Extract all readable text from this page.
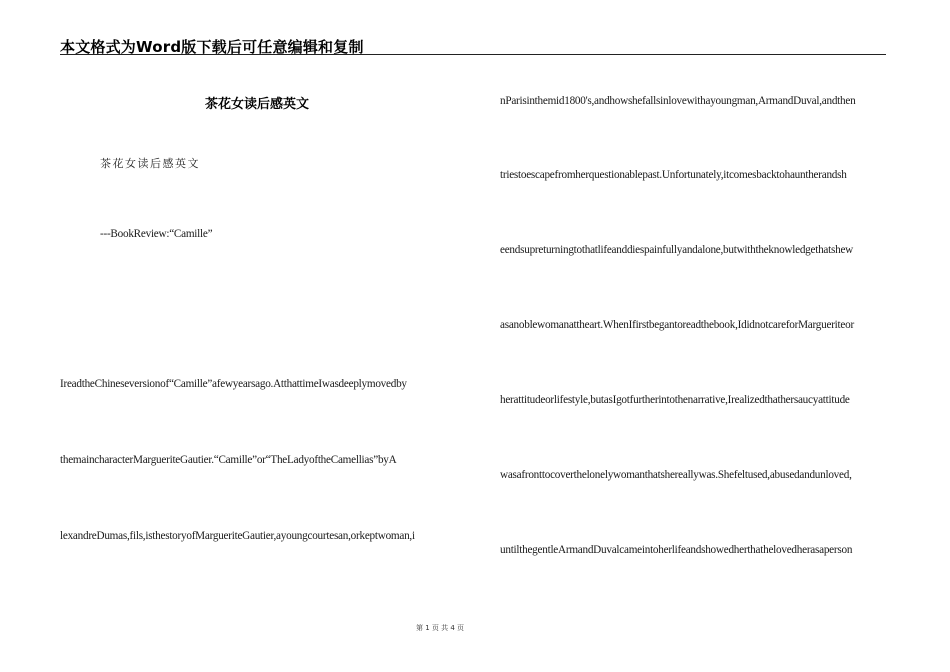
本文格式为Word版下载后可任意编辑和复制
茶花女读后感英文
茶花女读后感英文
---BookReview:“Camille”
IreadtheChineseversionof“Camille”afewyearsago.AtthattimeIwasdeeplymovedby
themaincharacterMargueriteGautier.“Camille”or“TheLadyoftheCamellias”byA
lexandreDumas,fils,isthestoryofMargueriteGautier,ayoungcourtesan,orkeptwoman,i
nParisinthemid1800's,andhowshefallsinlovewithayoungman,ArmandDuval,andthen
triestoescapefromherquestionablepast.Unfortunately,itcomesbacktohauntherandsh
eendsupreturningtothatlifeanddiespainfullyandalone,butwiththeknowledgethatshew
asanoblewomanattheart.WhenIfirstbegantoreadthebook,IdidnotcareforMargueriteor
herattitudeorlifestyle,butasIgotfurtherintothenarrative,Irealizedthathersaucyattitude
wasafronttocoverthelonelywomanthatshereallywas.Shefeltused,abusedandunloved,
untilthegentleArmandDuvalcameintoherlifeandshowedherthathelovedherasaperson
第 1 页 共 4 页
